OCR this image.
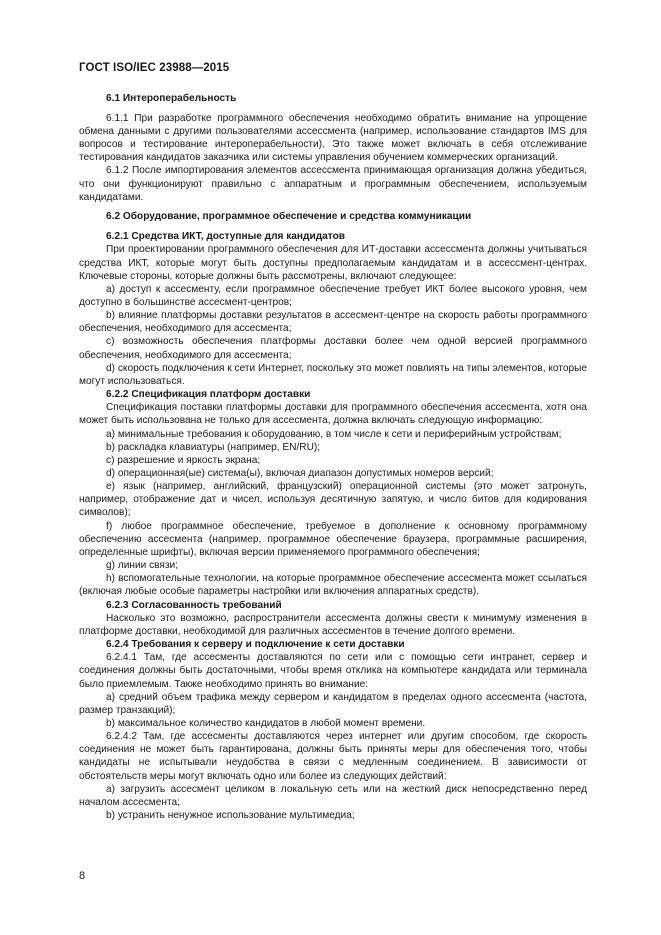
ГОСТ ISO/IEC 23988—2015

6.1 Интероперабельность

6.1.1 При разработке программного обеспечения необходимо обратить внимание на упрощение обмена данными с другими пользователями ассессмента (например, использование стандартов IMS для вопросов и тестирование интероперабельности). Это также может включать в себя отслеживание тестирования кандидатов заказчика или системы управления обучением коммерческих организаций.

6.1.2 После импортирования элементов ассессмента принимающая организация должна убедиться, что они функционируют правильно с аппаратным и программным обеспечением, используемым кандидатами.

6.2 Оборудование, программное обеспечение и средства коммуникации

6.2.1 Средства ИКТ, доступные для кандидатов

При проектировании программного обеспечения для ИТ-доставки ассессмента должны учитываться средства ИКТ, которые могут быть доступны предполагаемым кандидатам и в ассессмент-центрах. Ключевые стороны, которые должны быть рассмотрены, включают следующее:

a) доступ к ассесменту, если программное обеспечение требует ИКТ более высокого уровня, чем доступно в большинстве ассесмент-центров;

b) влияние платформы доставки результатов в ассесмент-центре на скорость работы программного обеспечения, необходимого для ассесмента;

c) возможность обеспечения платформы доставки более чем одной версией программного обеспечения, необходимого для ассесмента;

d) скорость подключения к сети Интернет, поскольку это может повлиять на типы элементов, которые могут использоваться.

6.2.2 Спецификация платформ доставки

Спецификация поставки платформы доставки для программного обеспечения ассесмента, хотя она может быть использована не только для ассесмента, должна включать следующую информацию:

a) минимальные требования к оборудованию, в том числе к сети и периферийным устройствам;

b) раскладка клавиатуры (например, EN/RU);

c) разрешение и яркость экрана;

d) операционная(ые) система(ы), включая диапазон допустимых номеров версий;

e) язык (например, английский, французский) операционной системы (это может затронуть, например, отображение дат и чисел, используя десятичную запятую, и число битов для кодирования символов);

f) любое программное обеспечение, требуемое в дополнение к основному программному обеспечению ассесмента (например, программное обеспечение браузера, программные расширения, определенные шрифты), включая версии применяемого программного обеспечения;

g) линии связи;

h) вспомогательные технологии, на которые программное обеспечение ассесмента может ссылаться (включая любые особые параметры настройки или включения аппаратных средств).

6.2.3 Согласованность требований

Насколько это возможно, распространители ассесмента должны свести к минимуму изменения в платформе доставки, необходимой для различных ассесментов в течение долгого времени.

6.2.4 Требования к серверу и подключение к сети доставки

6.2.4.1 Там, где ассесменты доставляются по сети или с помощью сети интранет, сервер и соединения должны быть достаточными, чтобы время отклика на компьютере кандидата или терминала было приемлемым. Также необходимо принять во внимание:

a) средний объем трафика между сервером и кандидатом в пределах одного ассесмента (частота, размер транзакций);

b) максимальное количество кандидатов в любой момент времени.

6.2.4.2 Там, где ассесменты доставляются через интернет или другим способом, где скорость соединения не может быть гарантирована, должны быть приняты меры для обеспечения того, чтобы кандидаты не испытывали неудобства в связи с медленным соединением. В зависимости от обстоятельств меры могут включать одно или более из следующих действий:

a) загрузить ассесмент целиком в локальную сеть или на жесткий диск непосредственно перед началом ассесмента;

b) устранить ненужное использование мультимедиа;

8
